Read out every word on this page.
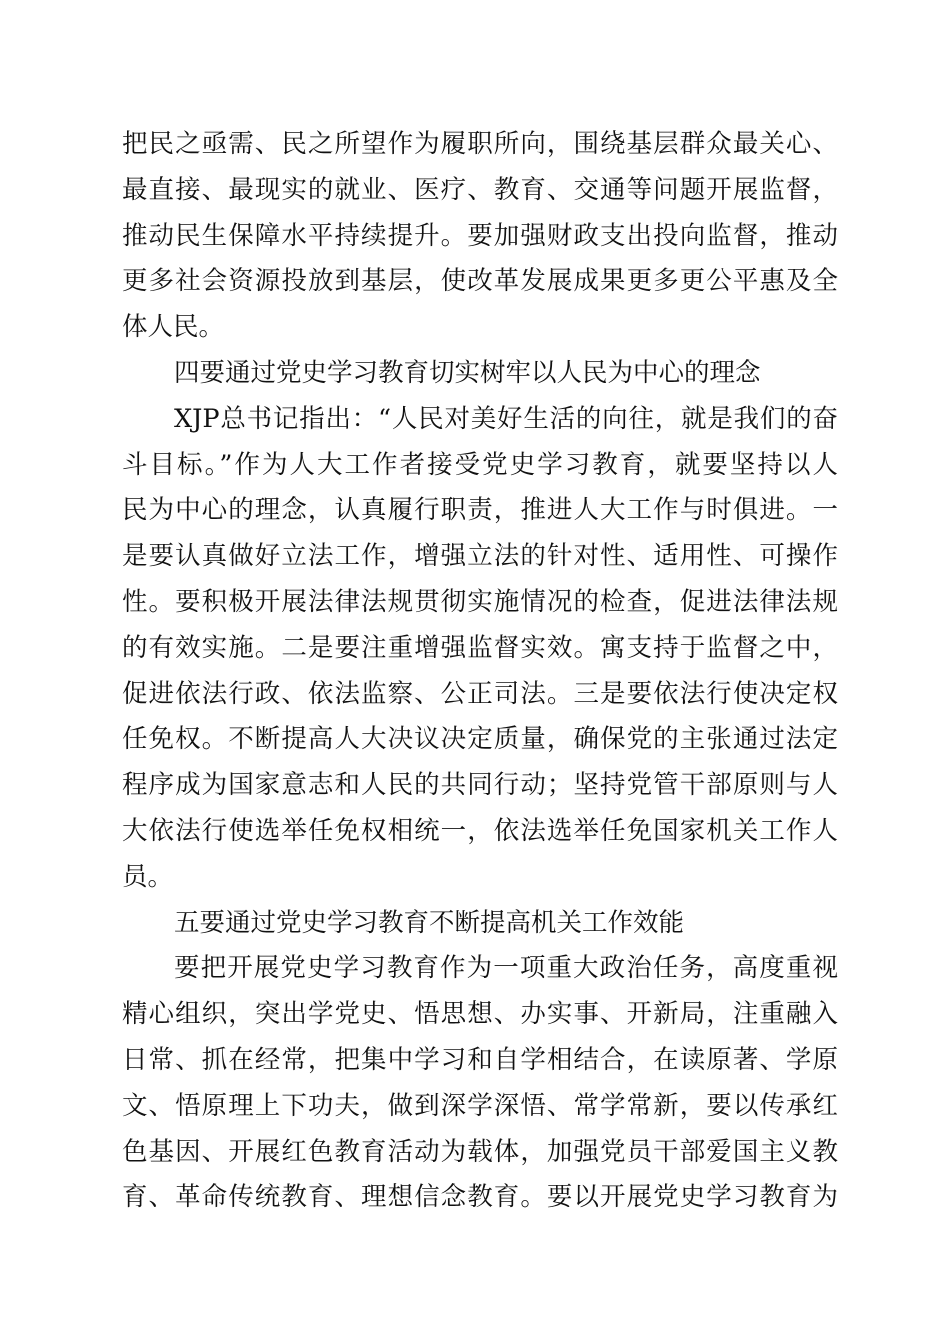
把民之亟需、民之所望作为履职所向，围绕基层群众最关心、
最直接、最现实的就业、医疗、教育、交通等问题开展监督，
推动民生保障水平持续提升。要加强财政支出投向监督，推动
更多社会资源投放到基层，使改革发展成果更多更公平惠及全
体人民。
四要通过党史学习教育切实树牢以人民为中心的理念
XJP总书记指出：“人民对美好生活的向往，就是我们的奋
斗目标。”作为人大工作者接受党史学习教育，就要坚持以人
民为中心的理念，认真履行职责，推进人大工作与时俱进。一
是要认真做好立法工作，增强立法的针对性、适用性、可操作
性。要积极开展法律法规贯彻实施情况的检查，促进法律法规
的有效实施。二是要注重增强监督实效。寓支持于监督之中，
促进依法行政、依法监察、公正司法。三是要依法行使决定权
任免权。不断提高人大决议决定质量，确保党的主张通过法定
程序成为国家意志和人民的共同行动；坚持党管干部原则与人
大依法行使选举任免权相统一，依法选举任免国家机关工作人
员。
五要通过党史学习教育不断提高机关工作效能
要把开展党史学习教育作为一项重大政治任务，高度重视
精心组织，突出学党史、悟思想、办实事、开新局，注重融入
日常、抓在经常，把集中学习和自学相结合，在读原著、学原
文、悟原理上下功夫，做到深学深悟、常学常新，要以传承红
色基因、开展红色教育活动为载体，加强党员干部爱国主义教
育、革命传统教育、理想信念教育。要以开展党史学习教育为
